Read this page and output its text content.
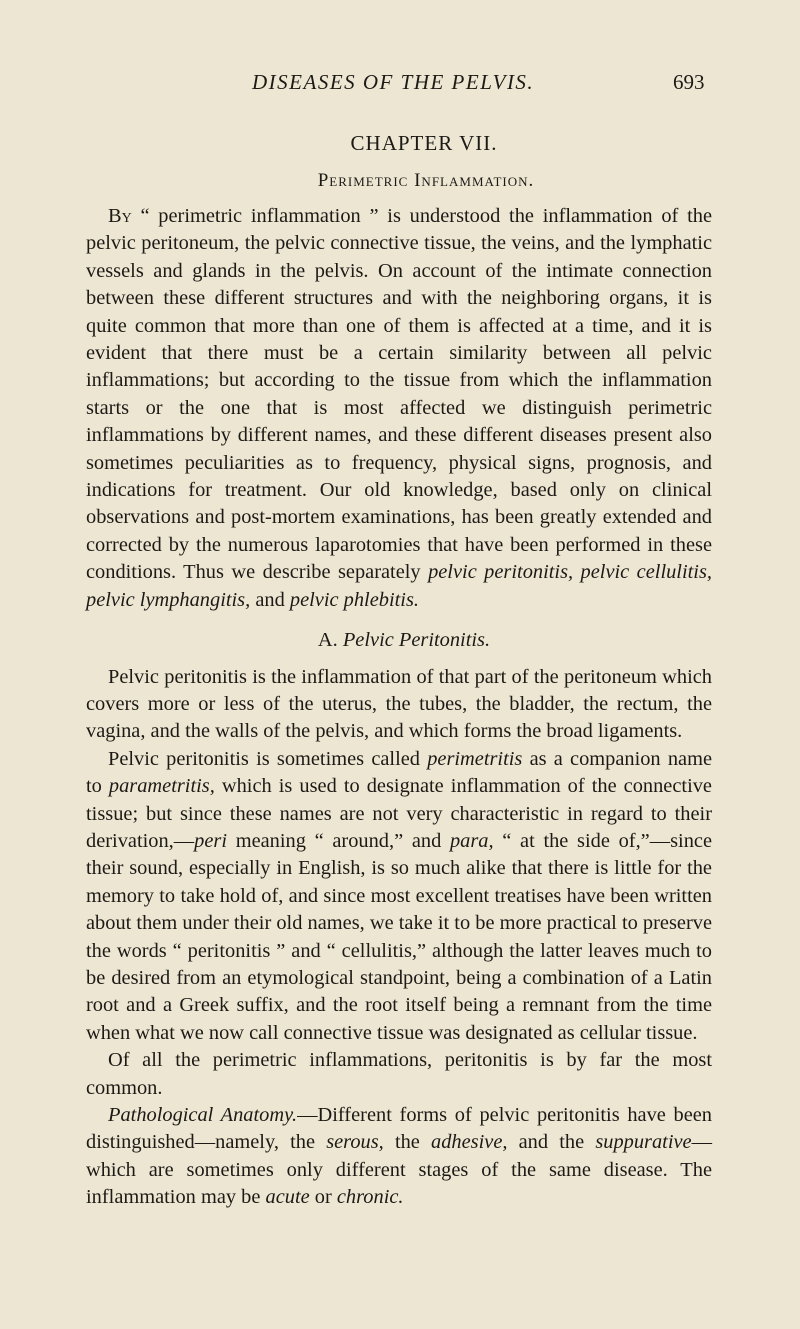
DISEASES OF THE PELVIS.	693
CHAPTER VII.
Perimetric Inflammation.

By “ perimetric inflammation ” is understood the inflammation of the pelvic peritoneum, the pelvic connective tissue, the veins, and the lymphatic vessels and glands in the pelvis. On account of the intimate connection between these different structures and with the neighboring organs, it is quite common that more than one of them is affected at a time, and it is evident that there must be a certain similarity between all pelvic inflammations; but according to the tissue from which the inflammation starts or the one that is most affected we distinguish perimetric inflammations by different names, and these different diseases present also sometimes peculiarities as to frequency, physical signs, prognosis, and indications for treatment. Our old knowledge, based only on clinical observations and post-mortem examinations, has been greatly extended and corrected by the numerous laparotomies that have been performed in these conditions. Thus we describe separately pelvic peritonitis, pelvic cellulitis, pelvic lymphangitis, and pelvic phlebitis.

A. Pelvic Peritonitis.

Pelvic peritonitis is the inflammation of that part of the peritoneum which covers more or less of the uterus, the tubes, the bladder, the rectum, the vagina, and the walls of the pelvis, and which forms the broad ligaments.

Pelvic peritonitis is sometimes called perimetritis as a companion name to parametritis, which is used to designate inflammation of the connective tissue; but since these names are not very characteristic in regard to their derivation,—peri meaning “ around,” and para, “ at the side of,”—since their sound, especially in English, is so much alike that there is little for the memory to take hold of, and since most excellent treatises have been written about them under their old names, we take it to be more practical to preserve the words “ peritonitis ” and “ cellulitis,” although the latter leaves much to be desired from an etymological standpoint, being a combination of a Latin root and a Greek suffix, and the root itself being a remnant from the time when what we now call connective tissue was designated as cellular tissue.

Of all the perimetric inflammations, peritonitis is by far the most common.

Pathological Anatomy.—Different forms of pelvic peritonitis have been distinguished—namely, the serous, the adhesive, and the suppurative—which are sometimes only different stages of the same disease. The inflammation may be acute or chronic.
